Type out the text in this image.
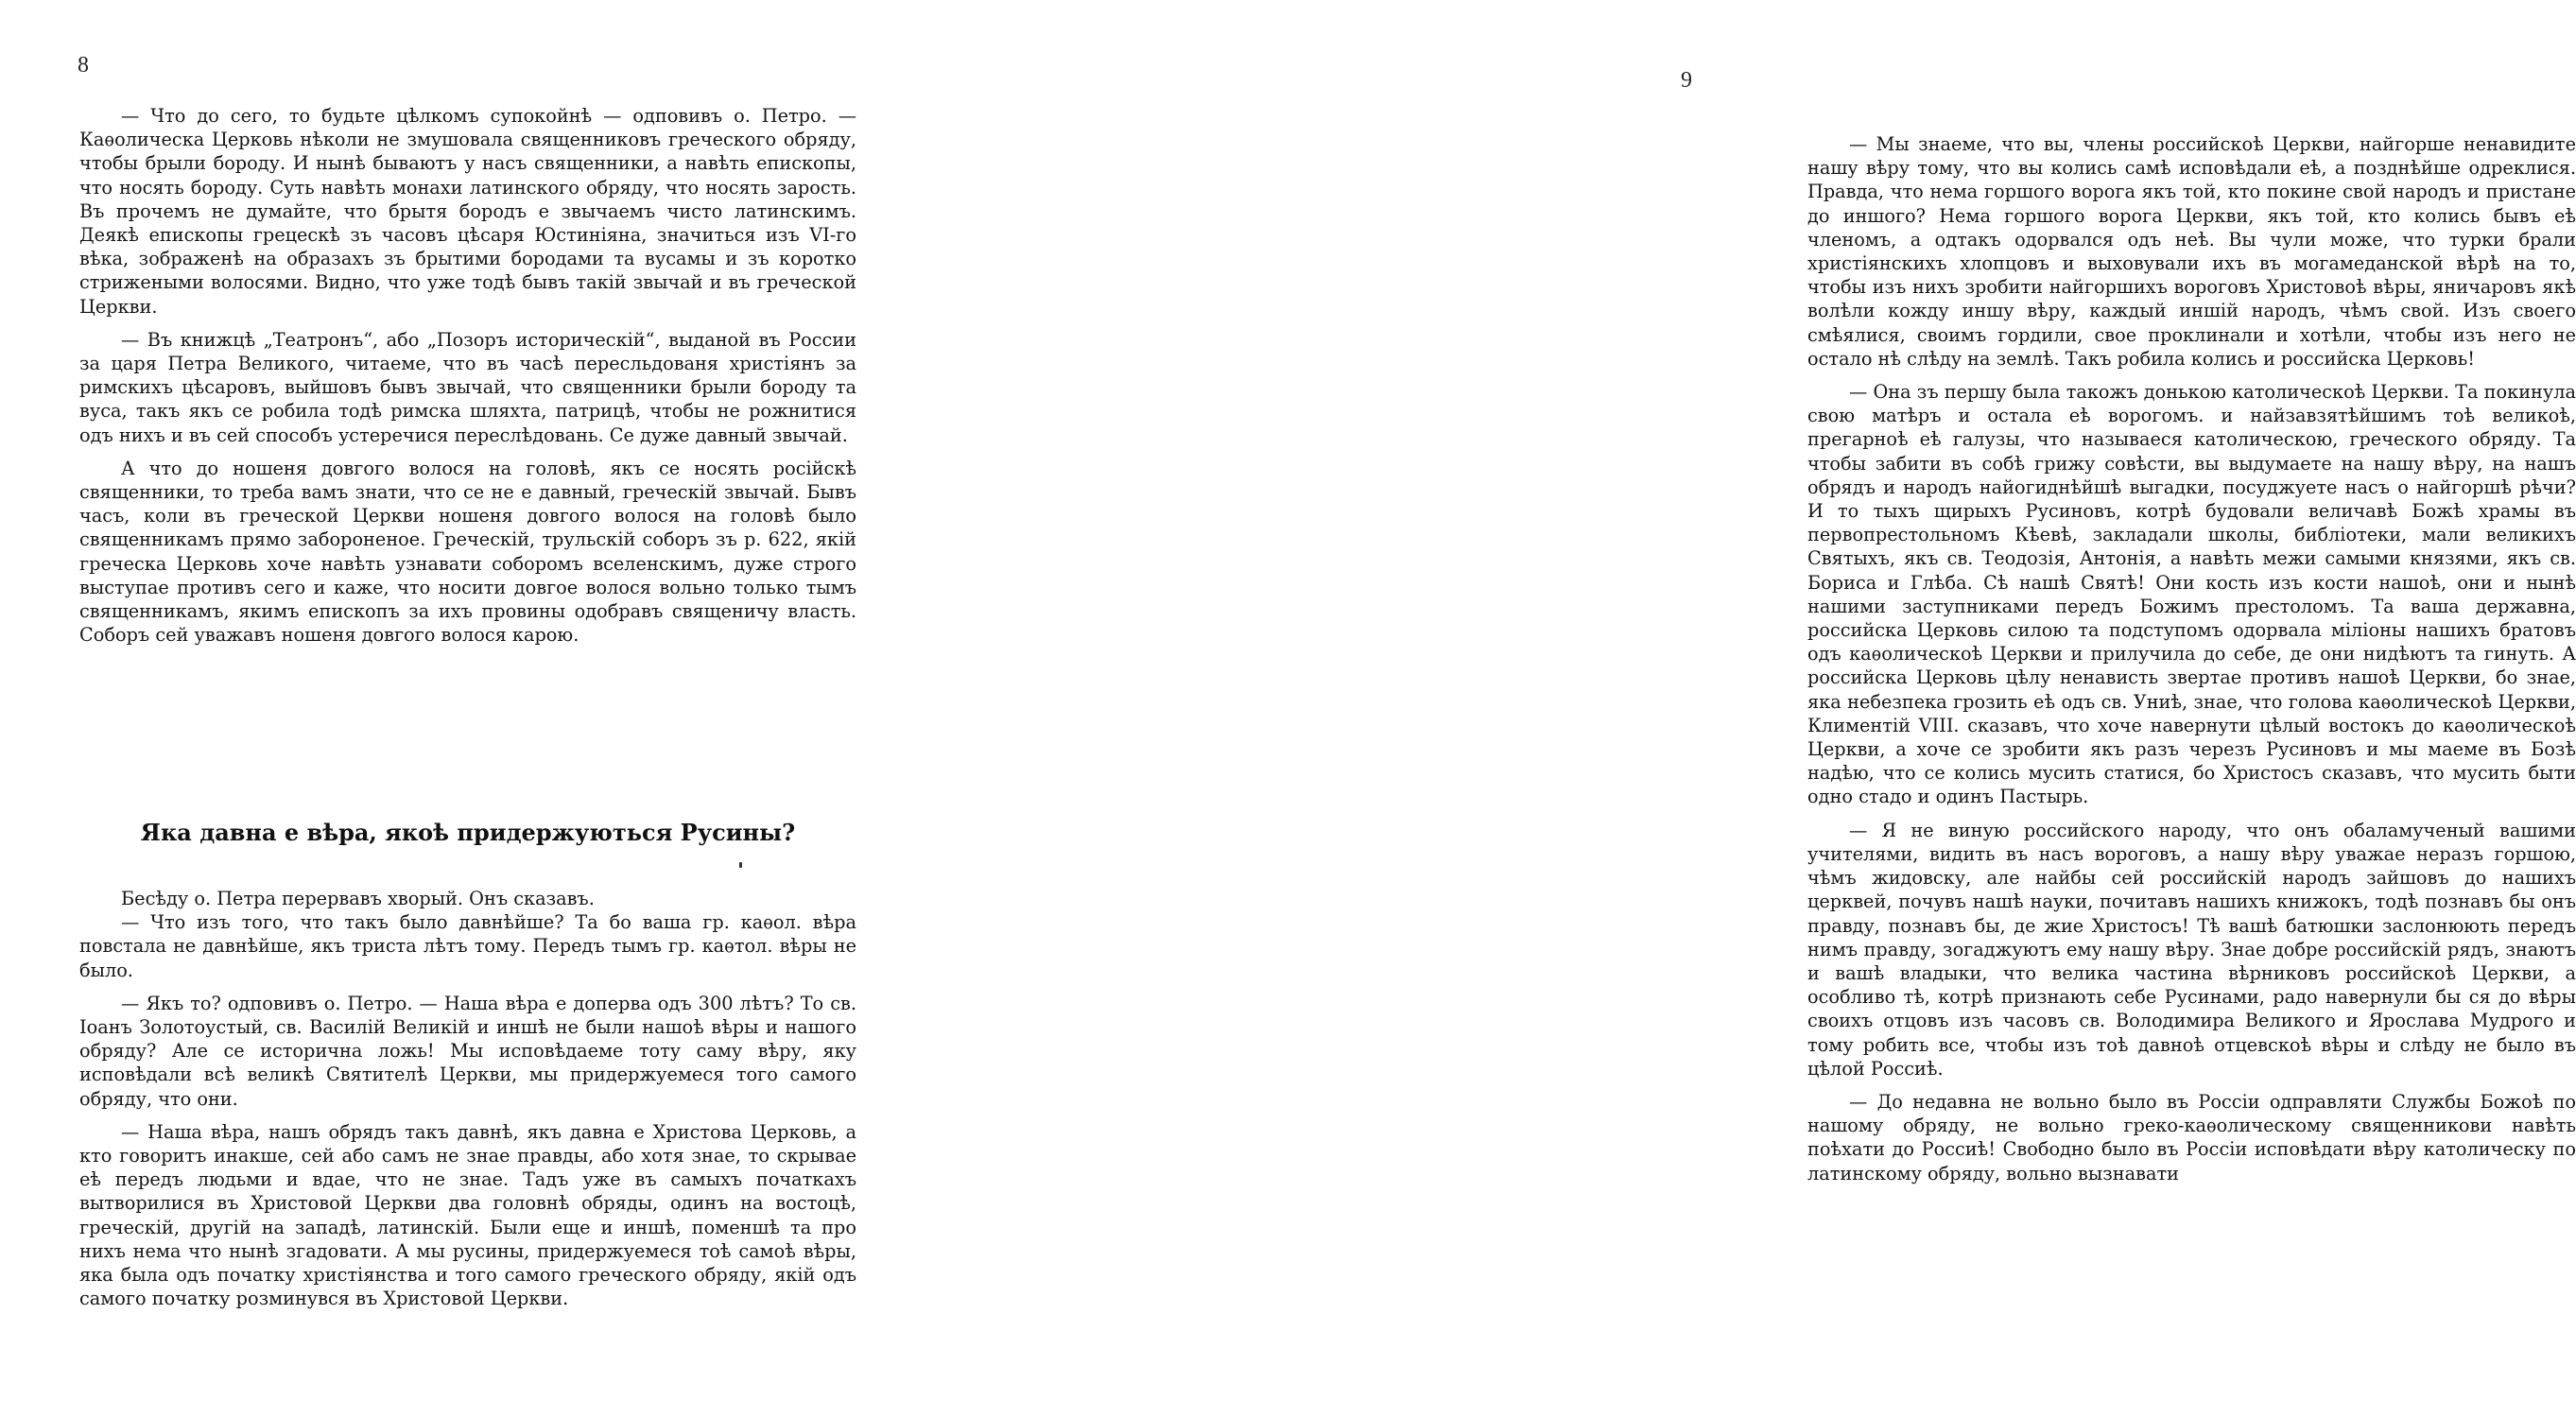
8

— Что до сего, то будьте цѣлкомъ супокойнѣ — одповивъ о. Петро. — Каѳолическа Церковь нѣколи не змушовала священниковъ греческого обряду, чтобы брыли бороду. И нынѣ бываютъ у насъ священники, а навѣть епископы, что носять бороду. Суть навѣть монахи латинского обряду, что носять зарость. Въ прочемъ не думайте, что брытя бородъ е звычаемъ чисто латинскимъ. Деякѣ епископы грецескѣ зъ часовъ цѣсаря Юстиніяна, значиться изъ VI-го вѣка, зображенѣ на образахъ зъ брытими бородами та вусамы и зъ коротко стрижеными волосями. Видно, что уже тодѣ бывъ такій звычай и въ греческой Церкви.

— Въ книжцѣ „Театронъ“, або „Позоръ историческій“, выданой въ России за царя Петра Великого, читаеме, что въ часѣ пересльдованя христіянъ за римскихъ цѣсаровъ, выйшовъ бывъ звычай, что священники брыли бороду та вуса, такъ якъ се робила тодѣ римска шляхта, патрицѣ, чтобы не рожнитися одъ нихъ и въ сей способъ устеречися переслѣдовань. Се дуже давный звычай.

А что до ношеня довгого волося на головѣ, якъ се носять російскѣ священники, то треба вамъ знати, что се не е давный, греческій звычай. Бывъ часъ, коли въ греческой Церкви ношеня довгого волося на головѣ было священникамъ прямо забороненое. Греческій, трульскій соборъ зъ р. 622, якій греческа Церковь хоче навѣть узнавати соборомъ вселенскимъ, дуже строго выступае противъ сего и каже, что носити довгое волося вольно только тымъ священникамъ, якимъ епископъ за ихъ провины одобравъ священичу власть. Соборъ сей уважавъ ношеня довгого волося карою.

Яка давна е вѣра, якоѣ придержуються Русины?

Бесѣду о. Петра перервавъ хворый. Онъ сказавъ.

— Что изъ того, что такъ было давнѣйше? Та бо ваша гр. каѳол. вѣра повстала не давнѣйше, якъ триста лѣтъ тому. Передъ тымъ гр. каѳтол. вѣры не было.

— Якъ то? одповивъ о. Петро. — Наша вѣра е доперва одъ 300 лѣтъ? То св. Іоанъ Золотоустый, св. Василій Великій и иншѣ не были нашоѣ вѣры и нашого обряду? Але се исторична ложь! Мы исповѣдаеме тоту саму вѣру, яку исповѣдали всѣ великѣ Святителѣ Церкви, мы придержуемеся того самого обряду, что они.

— Наша вѣра, нашъ обрядъ такъ давнѣ, якъ давна е Христова Церковь, а кто говоритъ инакше, сей або самъ не знае правды, або хотя знае, то скрывае еѣ передъ людьми и вдае, что не знае. Тадъ уже въ самыхъ початкахъ вытворилися въ Христовой Церкви два головнѣ обряды, одинъ на востоцѣ, греческій, другій на западѣ, латинскій. Были еще и иншѣ, поменшѣ та про нихъ нема что нынѣ згадовати. А мы русины, придержуемеся тоѣ самоѣ вѣры, яка была одъ початку христіянства и того самого греческого обряду, якій одъ самого початку розминувся въ Христовой Церкви.

9

— Мы знаеме, что вы, члены российскоѣ Церкви, найгорше ненавидите нашу вѣру тому, что вы колись самѣ исповѣдали еѣ, а позднѣйше одреклися. Правда, что нема горшого ворога якъ той, кто покине свой народъ и пристане до иншого? Нема горшого ворога Церкви, якъ той, кто колись бывъ еѣ членомъ, а одтакъ одорвался одъ неѣ. Вы чули може, что турки брали христіянскихъ хлопцовъ и выховували ихъ въ могамеданской вѣрѣ на то, чтобы изъ нихъ зробити найгоршихъ вороговъ Христовоѣ вѣры, яничаровъ якѣ волѣли кожду иншу вѣру, каждый иншій народъ, чѣмъ свой. Изъ своего смѣялися, своимъ гордили, свое проклинали и хотѣли, чтобы изъ него не остало нѣ слѣду на землѣ. Такъ робила колись и российска Церковь!

— Она зъ першу была такожъ донькою католическоѣ Церкви. Та покинула свою матѣръ и остала еѣ ворогомъ. и найзавзятѣйшимъ тоѣ великоѣ, прегарноѣ еѣ галузы, что называеся католическою, греческого обряду. Та чтобы забити въ собѣ грижу совѣсти, вы выдумаете на нашу вѣру, на нашъ обрядъ и народъ найогиднѣйшѣ выгадки, посуджуете насъ о найгоршѣ рѣчи? И то тыхъ щирыхъ Русиновъ, котрѣ будовали величавѣ Божѣ храмы въ первопрестольномъ Кѣевѣ, закладали школы, библіотеки, мали великихъ Святыхъ, якъ св. Теодозія, Антонія, а навѣть межи самыми князями, якъ св. Бориса и Глѣба. Сѣ нашѣ Святѣ! Они кость изъ кости нашоѣ, они и нынѣ нашими заступниками передъ Божимъ престоломъ. Та ваша державна, российска Церковь силою та подступомъ одорвала міліоны нашихъ братовъ одъ каѳолическоѣ Церкви и прилучила до себе, де они нидѣютъ та гинуть. А российска Церковь цѣлу ненависть звертае противъ нашоѣ Церкви, бо знае, яка небезпека грозить еѣ одъ св. Униѣ, знае, что голова каѳолическоѣ Церкви, Климентій VIII. сказавъ, что хоче навернути цѣлый востокъ до каѳолическоѣ Церкви, а хоче се зробити якъ разъ черезъ Русиновъ и мы маеме въ Бозѣ надѣю, что се колись мусить статися, бо Христосъ сказавъ, что мусить быти одно стадо и одинъ Пастырь.

— Я не виную российского народу, что онъ обаламученый вашими учителями, видить въ насъ вороговъ, а нашу вѣру уважае неразъ горшою, чѣмъ жидовску, але найбы сей российскій народъ зайшовъ до нашихъ церквей, почувъ нашѣ науки, почитавъ нашихъ книжокъ, тодѣ познавъ бы онъ правду, познавъ бы, де жие Христосъ! Тѣ вашѣ батюшки заслонюють передъ нимъ правду, зогаджуютъ ему нашу вѣру. Знае добре российскій рядъ, знаютъ и вашѣ владыки, что велика частина вѣрниковъ российскоѣ Церкви, а особливо тѣ, котрѣ признають себе Русинами, радо навернули бы ся до вѣры своихъ отцовъ изъ часовъ св. Володимира Великого и Ярослава Мудрого и тому робить все, чтобы изъ тоѣ давноѣ отцевскоѣ вѣры и слѣду не было въ цѣлой Россиѣ.

— До недавна не вольно было въ Россіи одправляти Службы Божоѣ по нашому обряду, не вольно греко-каѳолическому священникови навѣть поѣхати до Россиѣ! Свободно было въ Россіи исповѣдати вѣру католическу по латинскому обряду, вольно вызнавати
